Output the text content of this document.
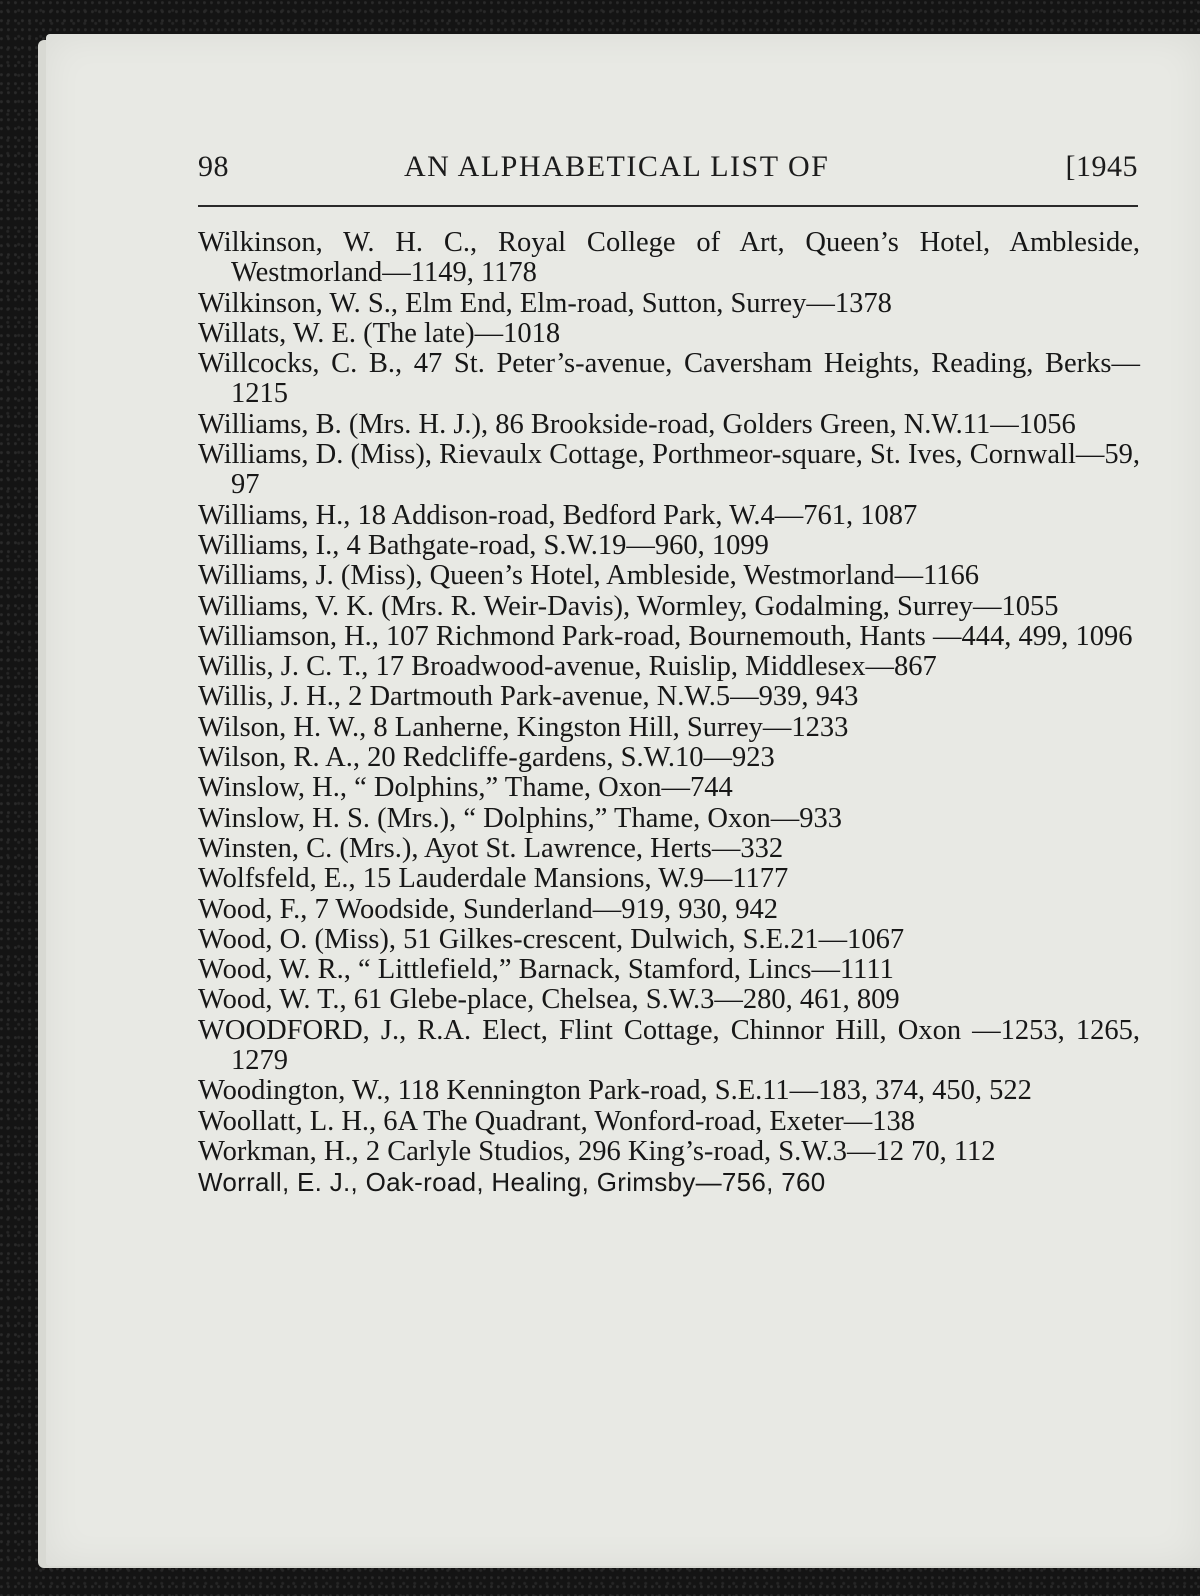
98	AN ALPHABETICAL LIST OF	[1945
Wilkinson, W. H. C., Royal College of Art, Queen’s Hotel, Ambleside, Westmorland—1149, 1178
Wilkinson, W. S., Elm End, Elm-road, Sutton, Surrey—1378
Willats, W. E. (The late)—1018
Willcocks, C. B., 47 St. Peter’s-avenue, Caversham Heights, Reading, Berks—1215
Williams, B. (Mrs. H. J.), 86 Brookside-road, Golders Green, N.W.11—1056
Williams, D. (Miss), Rievaulx Cottage, Porthmeor-square, St. Ives, Cornwall—59, 97
Williams, H., 18 Addison-road, Bedford Park, W.4—761, 1087
Williams, I., 4 Bathgate-road, S.W.19—960, 1099
Williams, J. (Miss), Queen’s Hotel, Ambleside, Westmorland—1166
Williams, V. K. (Mrs. R. Weir-Davis), Wormley, Godalming, Surrey—1055
Williamson, H., 107 Richmond Park-road, Bournemouth, Hants —444, 499, 1096
Willis, J. C. T., 17 Broadwood-avenue, Ruislip, Middlesex—867
Willis, J. H., 2 Dartmouth Park-avenue, N.W.5—939, 943
Wilson, H. W., 8 Lanherne, Kingston Hill, Surrey—1233
Wilson, R. A., 20 Redcliffe-gardens, S.W.10—923
Winslow, H., “ Dolphins,” Thame, Oxon—744
Winslow, H. S. (Mrs.), “ Dolphins,” Thame, Oxon—933
Winsten, C. (Mrs.), Ayot St. Lawrence, Herts—332
Wolfsfeld, E., 15 Lauderdale Mansions, W.9—1177
Wood, F., 7 Woodside, Sunderland—919, 930, 942
Wood, O. (Miss), 51 Gilkes-crescent, Dulwich, S.E.21—1067
Wood, W. R., “ Littlefield,” Barnack, Stamford, Lincs—1111
Wood, W. T., 61 Glebe-place, Chelsea, S.W.3—280, 461, 809
WOODFORD, J., R.A. Elect, Flint Cottage, Chinnor Hill, Oxon —1253, 1265, 1279
Woodington, W., 118 Kennington Park-road, S.E.11—183, 374, 450, 522
Woollatt, L. H., 6A The Quadrant, Wonford-road, Exeter—138
Workman, H., 2 Carlyle Studios, 296 King’s-road, S.W.3—12 70, 112
Worrall, E. J., Oak-road, Healing, Grimsby—756, 760
